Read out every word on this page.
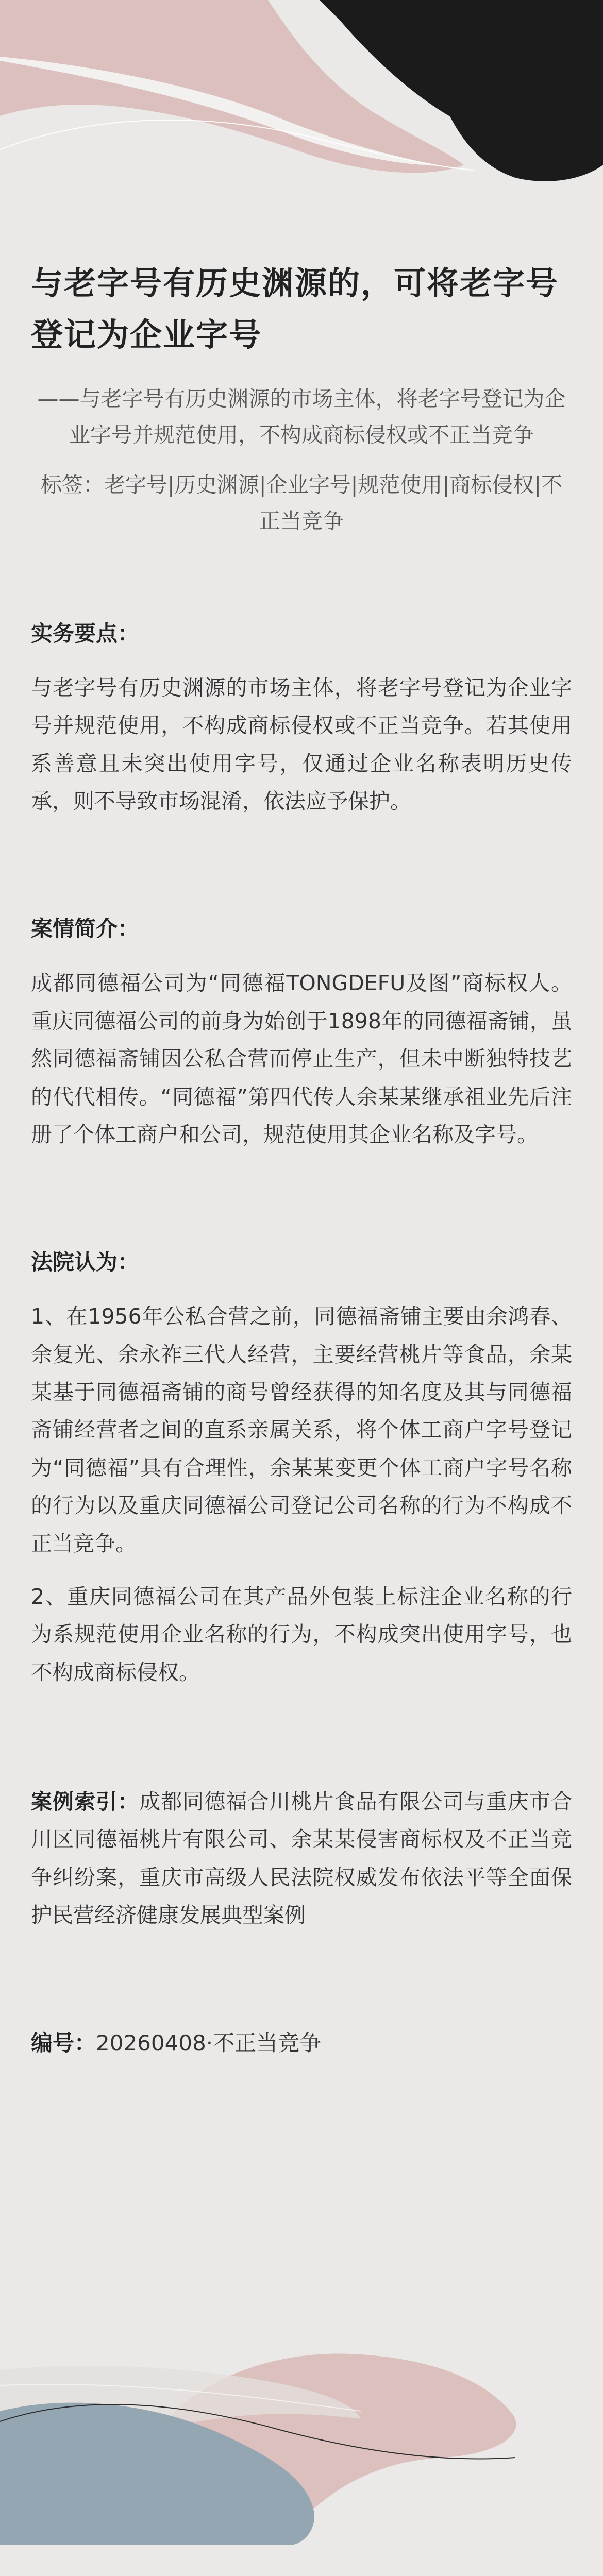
与老字号有历史渊源的，可将老字号登记为企业字号

——与老字号有历史渊源的市场主体，将老字号登记为企业字号并规范使用，不构成商标侵权或不正当竞争

标签：老字号|历史渊源|企业字号|规范使用|商标侵权|不正当竞争

实务要点：

与老字号有历史渊源的市场主体，将老字号登记为企业字号并规范使用，不构成商标侵权或不正当竞争。若其使用系善意且未突出使用字号，仅通过企业名称表明历史传承，则不导致市场混淆，依法应予保护。

案情简介：

成都同德福公司为“同德福TONGDEFU及图”商标权人。重庆同德福公司的前身为始创于1898年的同德福斋铺，虽然同德福斋铺因公私合营而停止生产，但未中断独特技艺的代代相传。“同德福”第四代传人余某某继承祖业先后注册了个体工商户和公司，规范使用其企业名称及字号。

法院认为：

1、在1956年公私合营之前，同德福斋铺主要由余鸿春、余复光、余永祚三代人经营，主要经营桃片等食品，余某某基于同德福斋铺的商号曾经获得的知名度及其与同德福斋铺经营者之间的直系亲属关系，将个体工商户字号登记为“同德福”具有合理性，余某某变更个体工商户字号名称的行为以及重庆同德福公司登记公司名称的行为不构成不正当竞争。

2、重庆同德福公司在其产品外包装上标注企业名称的行为系规范使用企业名称的行为，不构成突出使用字号，也不构成商标侵权。

案例索引：成都同德福合川桃片食品有限公司与重庆市合川区同德福桃片有限公司、余某某侵害商标权及不正当竞争纠纷案，重庆市高级人民法院权威发布依法平等全面保护民营经济健康发展典型案例

编号：20260408·不正当竞争
